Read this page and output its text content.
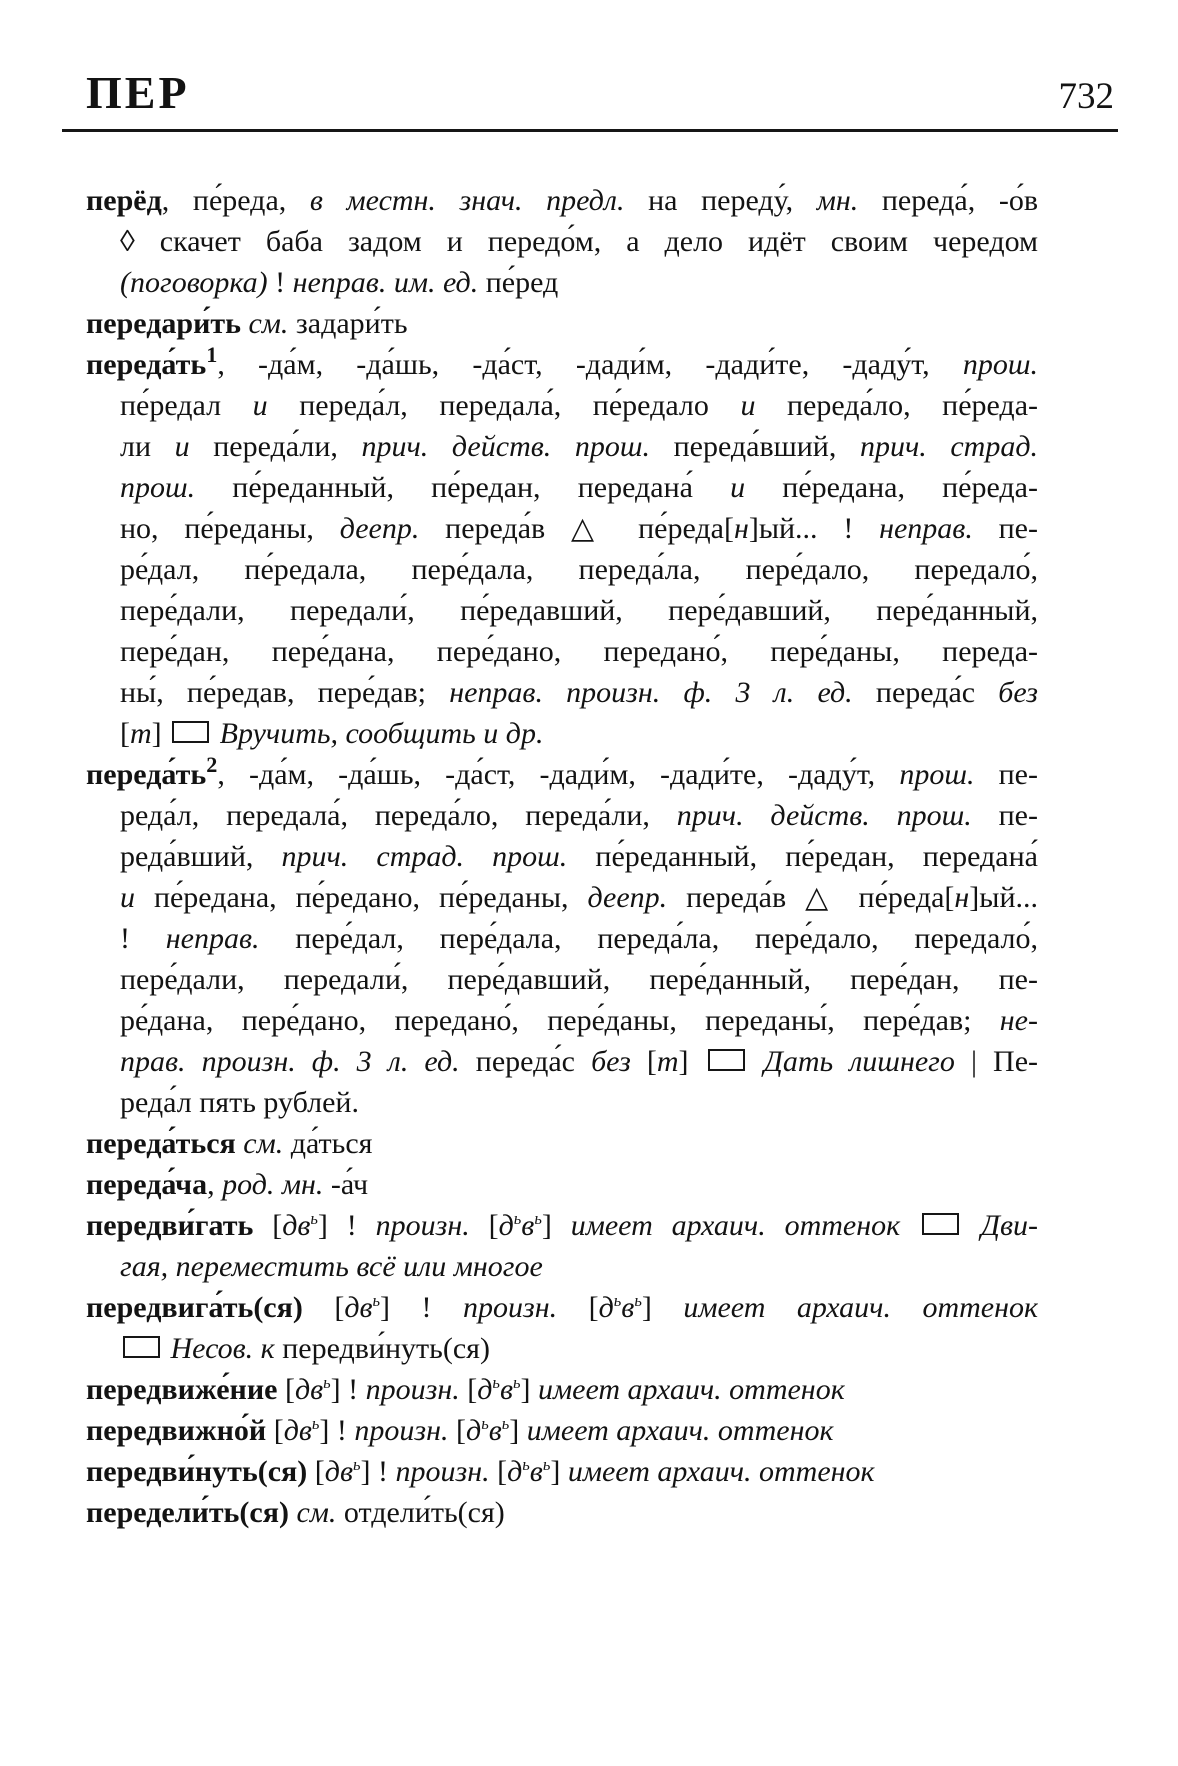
ПЕР	732
перёд, пе́реда, в местн. знач. предл. на переду́, мн. переда́, -о́в
◊ скачет баба задом и передо́м, а дело идёт своим чередом
(поговорка) ! неправ. им. ед. пе́ред
передари́ть см. задари́ть
$переда́ть^1$, -да́м, -да́шь, -да́ст, -дади́м, -дади́те, -даду́т, прош.
пе́редал и переда́л, передала́, пе́редало и переда́ло, пе́реда-
ли и переда́ли, прич. действ. прош. переда́вший, прич. страд.
прош. пе́реданный, пе́редан, передана́ и пе́редана, пе́реда-
но, пе́реданы, деепр. переда́в △ пе́реда[н]ый... ! неправ. пе-
ре́дал, пе́редала, пере́дала, переда́ла, пере́дало, передало́,
пере́дали, передали́, пе́редавший, пере́давший, пере́данный,
пере́дан, пере́дана, пере́дано, передано́, пере́даны, переда-
ны́, пе́редав, пере́дав; неправ. произн. ф. 3 л. ед. переда́с без
[т]  Вручить, сообщить и др.
$переда́ть^2$, -да́м, -да́шь, -да́ст, -дади́м, -дади́те, -даду́т, прош. пе-
реда́л, передала́, переда́ло, переда́ли, прич. действ. прош. пе-
реда́вший, прич. страд. прош. пе́реданный, пе́редан, передана́
и пе́редана, пе́редано, пе́реданы, деепр. переда́в △ пе́реда[н]ый...
! неправ. пере́дал, пере́дала, переда́ла, пере́дало, передало́,
пере́дали, передали́, пере́давший, пере́данный, пере́дан, пе-
ре́дана, пере́дано, передано́, пере́даны, переданы́, пере́дав; не-
прав. произн. ф. 3 л. ед. переда́с без [т]  Дать лишнего | Пе-
реда́л пять рублей.
переда́ться см. да́ться
переда́ча, род. мн. -а́ч
передви́гать $[дв^ь]$ ! произн. $[д^ьв^ь]$ имеет архаич. оттенок	Дви-
гая, переместить всё или многое
передвига́ть(ся) $[дв^ь]$ ! произн. $[д^ьв^ь]$ имеет архаич. оттенок
Несов. к передви́нуть(ся)
передвиже́ние $[дв^ь]$ ! произн. $[д^ьв^ь]$ имеет архаич. оттенок
передвижно́й $[дв^ь]$ ! произн. $[д^ьв^ь]$ имеет архаич. оттенок
передви́нуть(ся) $[дв^ь]$ ! произн. $[д^ьв^ь]$ имеет архаич. оттенок
передели́ть(ся) см. отдели́ть(ся)
